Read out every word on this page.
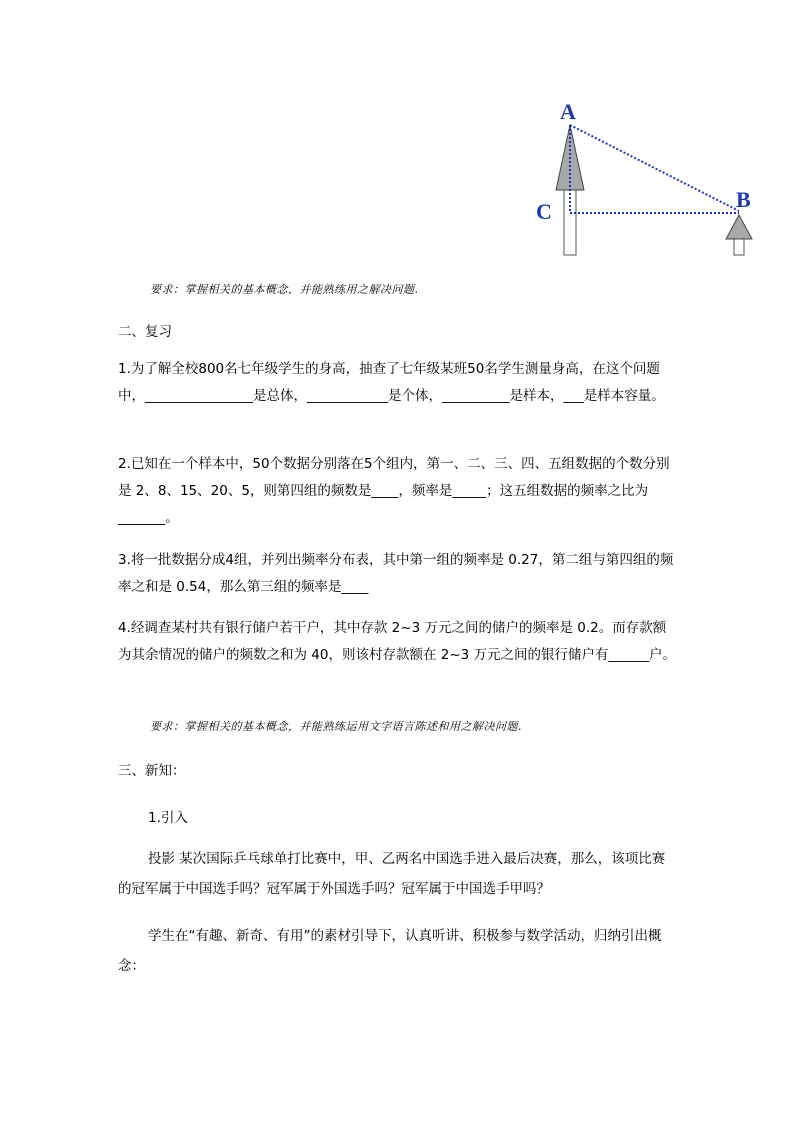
A
B
C
要求：掌握相关的基本概念，并能熟练用之解决问题.
二、复习
1.为了解全校800名七年级学生的身高，抽查了七年级某班50名学生测量身高，在这个问题中，________________是总体，____________是个体，__________是样本，___是样本容量。
2.已知在一个样本中，50个数据分别落在5个组内，第一、二、三、四、五组数据的个数分别是 2、8、15、20、5，则第四组的频数是____，频率是_____；这五组数据的频率之比为_______。
3.将一批数据分成4组，并列出频率分布表，其中第一组的频率是 0.27，第二组与第四组的频率之和是 0.54，那么第三组的频率是____
4.经调查某村共有银行储户若干户，其中存款 2~3 万元之间的储户的频率是 0.2。而存款额为其余情况的储户的频数之和为 40，则该村存款额在 2~3 万元之间的银行储户有______户。
要求：掌握相关的基本概念，并能熟练运用文字语言陈述和用之解决问题.
三、新知：
1.引入
投影 某次国际乒乓球单打比赛中，甲、乙两名中国选手进入最后决赛，那么，该项比赛的冠军属于中国选手吗？冠军属于外国选手吗？冠军属于中国选手甲吗？
学生在“有趣、新奇、有用”的素材引导下，认真听讲、积极参与数学活动，归纳引出概念：
